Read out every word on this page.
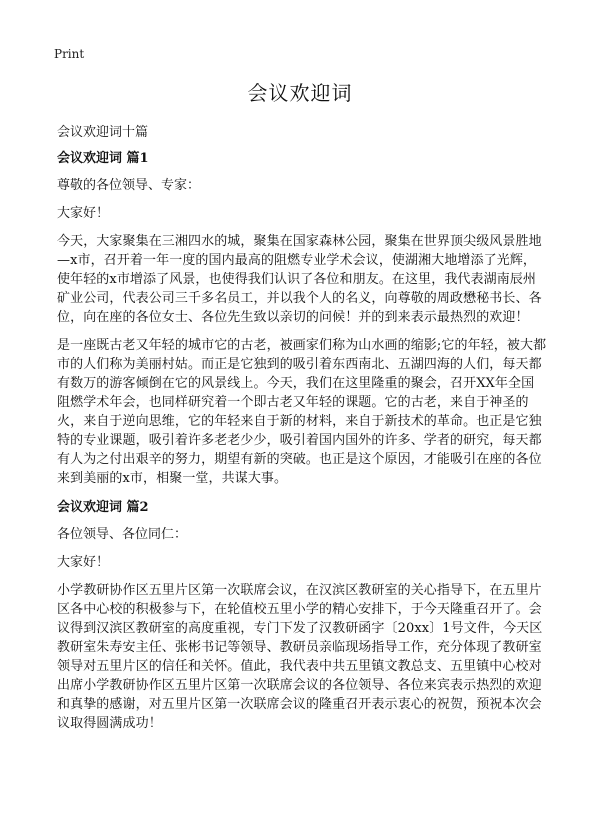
Print
会议欢迎词
会议欢迎词十篇
会议欢迎词 篇1

尊敬的各位领导、专家：

大家好！

今天，大家聚集在三湘四水的城，聚集在国家森林公园，聚集在世界顶尖级风景胜地—x市，召开着一年一度的国内最高的阻燃专业学术会议，使湖湘大地增添了光辉，使年轻的x市增添了风景，也使得我们认识了各位和朋友。在这里，我代表湖南辰州矿业公司，代表公司三千多名员工，并以我个人的名义，向尊敬的周政懋秘书长、各位，向在座的各位女士、各位先生致以亲切的问候！并的到来表示最热烈的欢迎！

是一座既古老又年轻的城市它的古老，被画家们称为山水画的缩影;它的年轻，被大都市的人们称为美丽村姑。而正是它独到的吸引着东西南北、五湖四海的人们，每天都有数万的游客倾倒在它的风景线上。今天，我们在这里隆重的聚会，召开XX年全国阻燃学术年会，也同样研究着一个即古老又年轻的课题。它的古老，来自于神圣的火，来自于逆向思维，它的年轻来自于新的材料，来自于新技术的革命。也正是它独特的专业课题，吸引着许多老老少少，吸引着国内国外的许多、学者的研究，每天都有人为之付出艰辛的努力，期望有新的突破。也正是这个原因，才能吸引在座的各位来到美丽的x市，相聚一堂，共谋大事。

会议欢迎词 篇2

各位领导、各位同仁：

大家好！

小学教研协作区五里片区第一次联席会议，在汉滨区教研室的关心指导下，在五里片区各中心校的积极参与下，在轮值校五里小学的精心安排下，于今天隆重召开了。会议得到汉滨区教研室的高度重视，专门下发了汉教研函字〔20xx〕1号文件，今天区教研室朱寿安主任、张彬书记等领导、教研员亲临现场指导工作，充分体现了教研室领导对五里片区的信任和关怀。值此，我代表中共五里镇文教总支、五里镇中心校对出席小学教研协作区五里片区第一次联席会议的各位领导、各位来宾表示热烈的欢迎和真挚的感谢，对五里片区第一次联席会议的隆重召开表示衷心的祝贺，预祝本次会议取得圆满成功！
